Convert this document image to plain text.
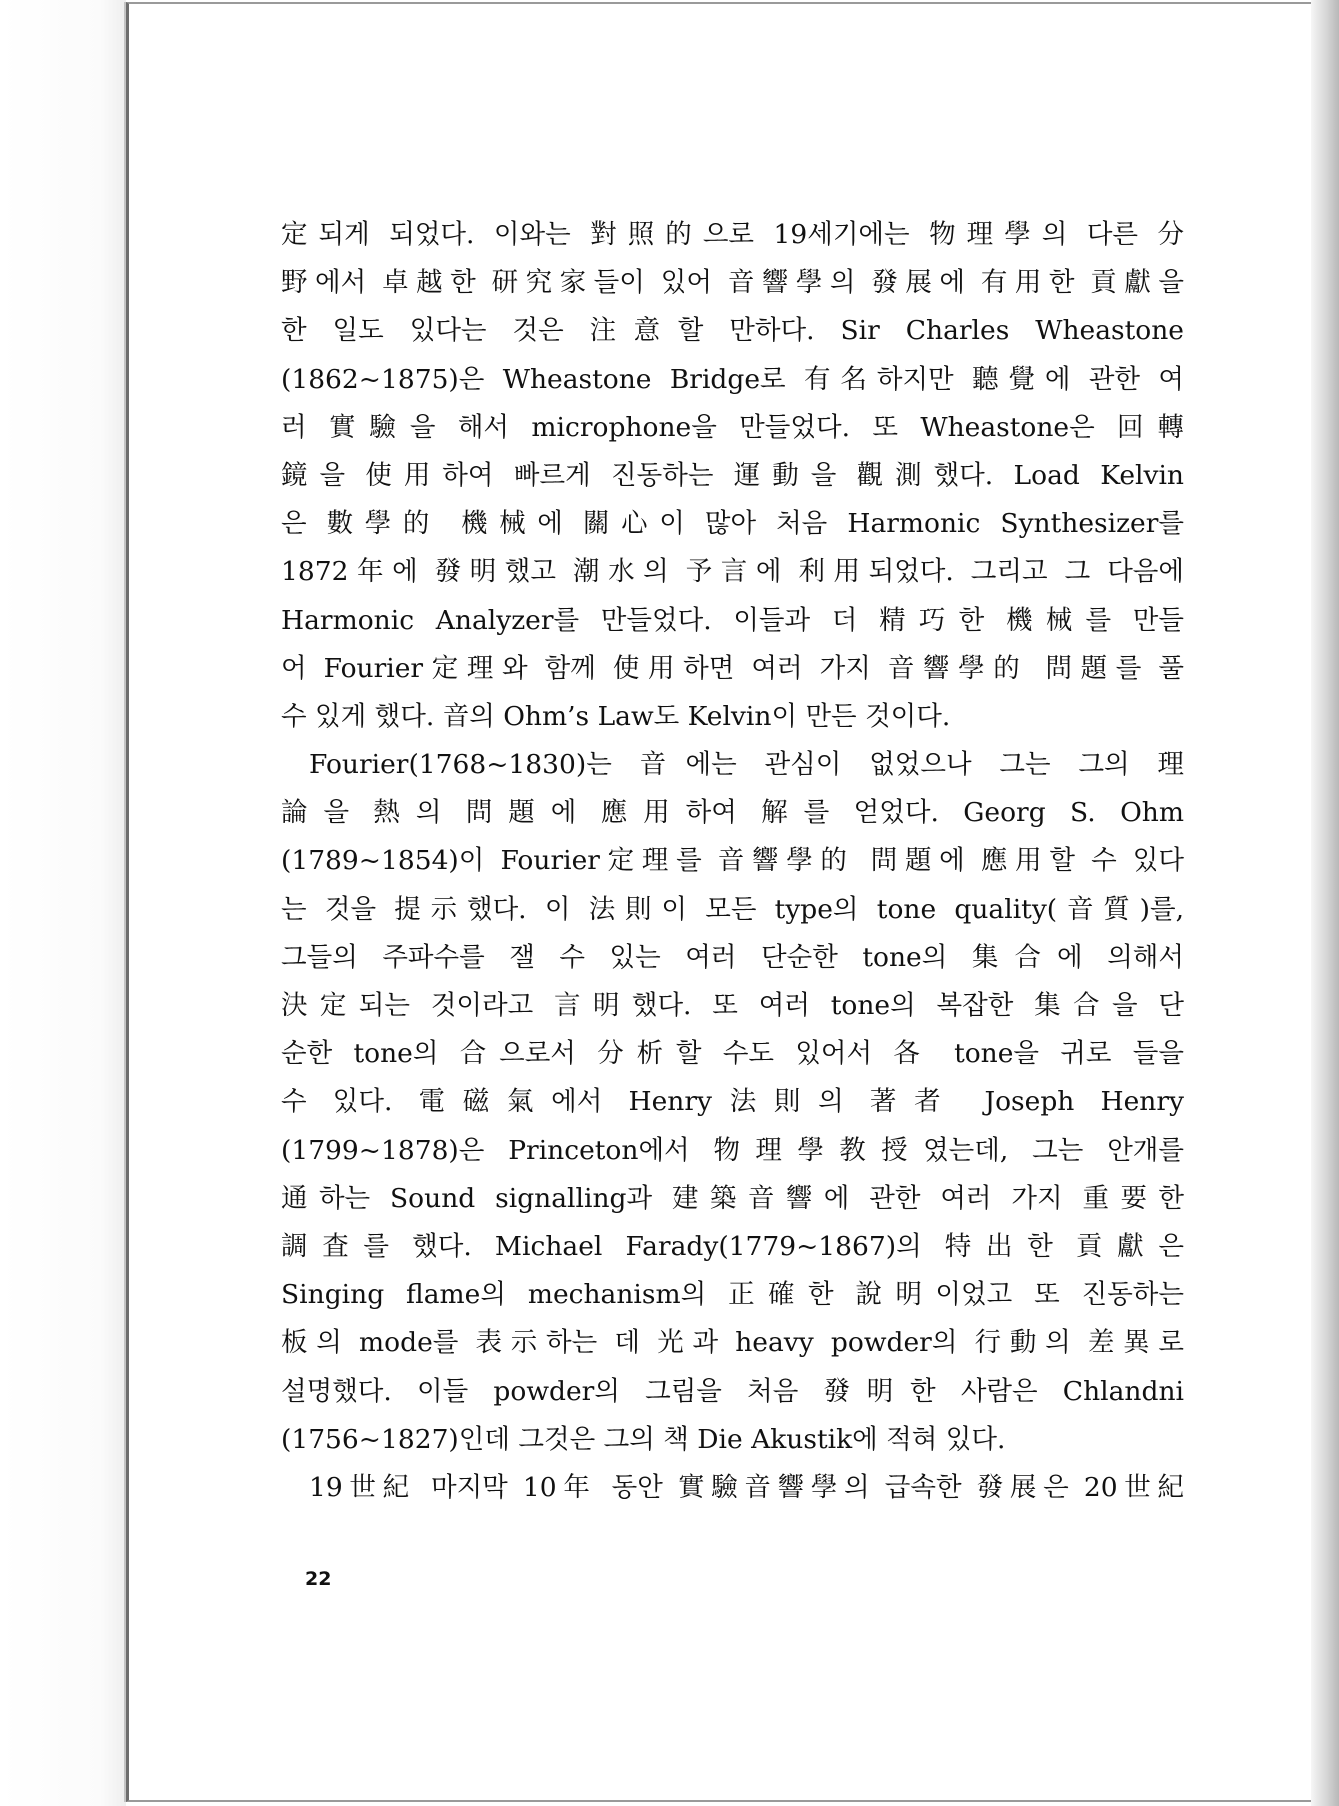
定되게 되었다. 이와는 對照的으로 19세기에는 物理學의 다른 分
野에서 卓越한 研究家들이 있어 音響學의 發展에 有用한 貢獻을
한 일도 있다는 것은 注意할 만하다. Sir Charles Wheastone
(1862~1875)은 Wheastone Bridge로 有名하지만 聽覺에 관한 여
러 實驗을 해서 microphone을 만들었다. 또 Wheastone은 回轉
鏡을 使用하여 빠르게 진동하는 運動을 觀測했다. Load Kelvin
은 數學的 機械에 關心이 많아 처음 Harmonic Synthesizer를
1872年에 發明했고 潮水의 予言에 利用되었다. 그리고 그 다음에
Harmonic Analyzer를 만들었다. 이들과 더 精巧한 機械를 만들
어 Fourier定理와 함께 使用하면 여러 가지 音響學的 問題를 풀
수 있게 했다. 音의 Ohm’s Law도 Kelvin이 만든 것이다.
Fourier(1768~1830)는 音에는 관심이 없었으나 그는 그의 理
論을 熱의 問題에 應用하여 解를 얻었다. Georg S. Ohm
(1789~1854)이 Fourier定理를 音響學的 問題에 應用할 수 있다
는 것을 提示했다. 이 法則이 모든 type의 tone quality(音質)를,
그들의 주파수를 잴 수 있는 여러 단순한 tone의 集合에 의해서
決定되는 것이라고 言明했다. 또 여러 tone의 복잡한 集合을 단
순한 tone의 合으로서 分析할 수도 있어서 各 tone을 귀로 들을
수 있다. 電磁氣에서 Henry法則의 著者 Joseph Henry
(1799~1878)은 Princeton에서 物理學教授였는데, 그는 안개를
通하는 Sound signalling과 建築音響에 관한 여러 가지 重要한
調査를 했다. Michael Farady(1779~1867)의 特出한 貢獻은
Singing flame의 mechanism의 正確한 說明이었고 또 진동하는
板의 mode를 表示하는 데 光과 heavy powder의 行動의 差異로
설명했다. 이들 powder의 그림을 처음 發明한 사람은 Chlandni
(1756~1827)인데 그것은 그의 책 Die Akustik에 적혀 있다.
19世紀 마지막 10年 동안 實驗音響學의 급속한 發展은 20世紀
22
